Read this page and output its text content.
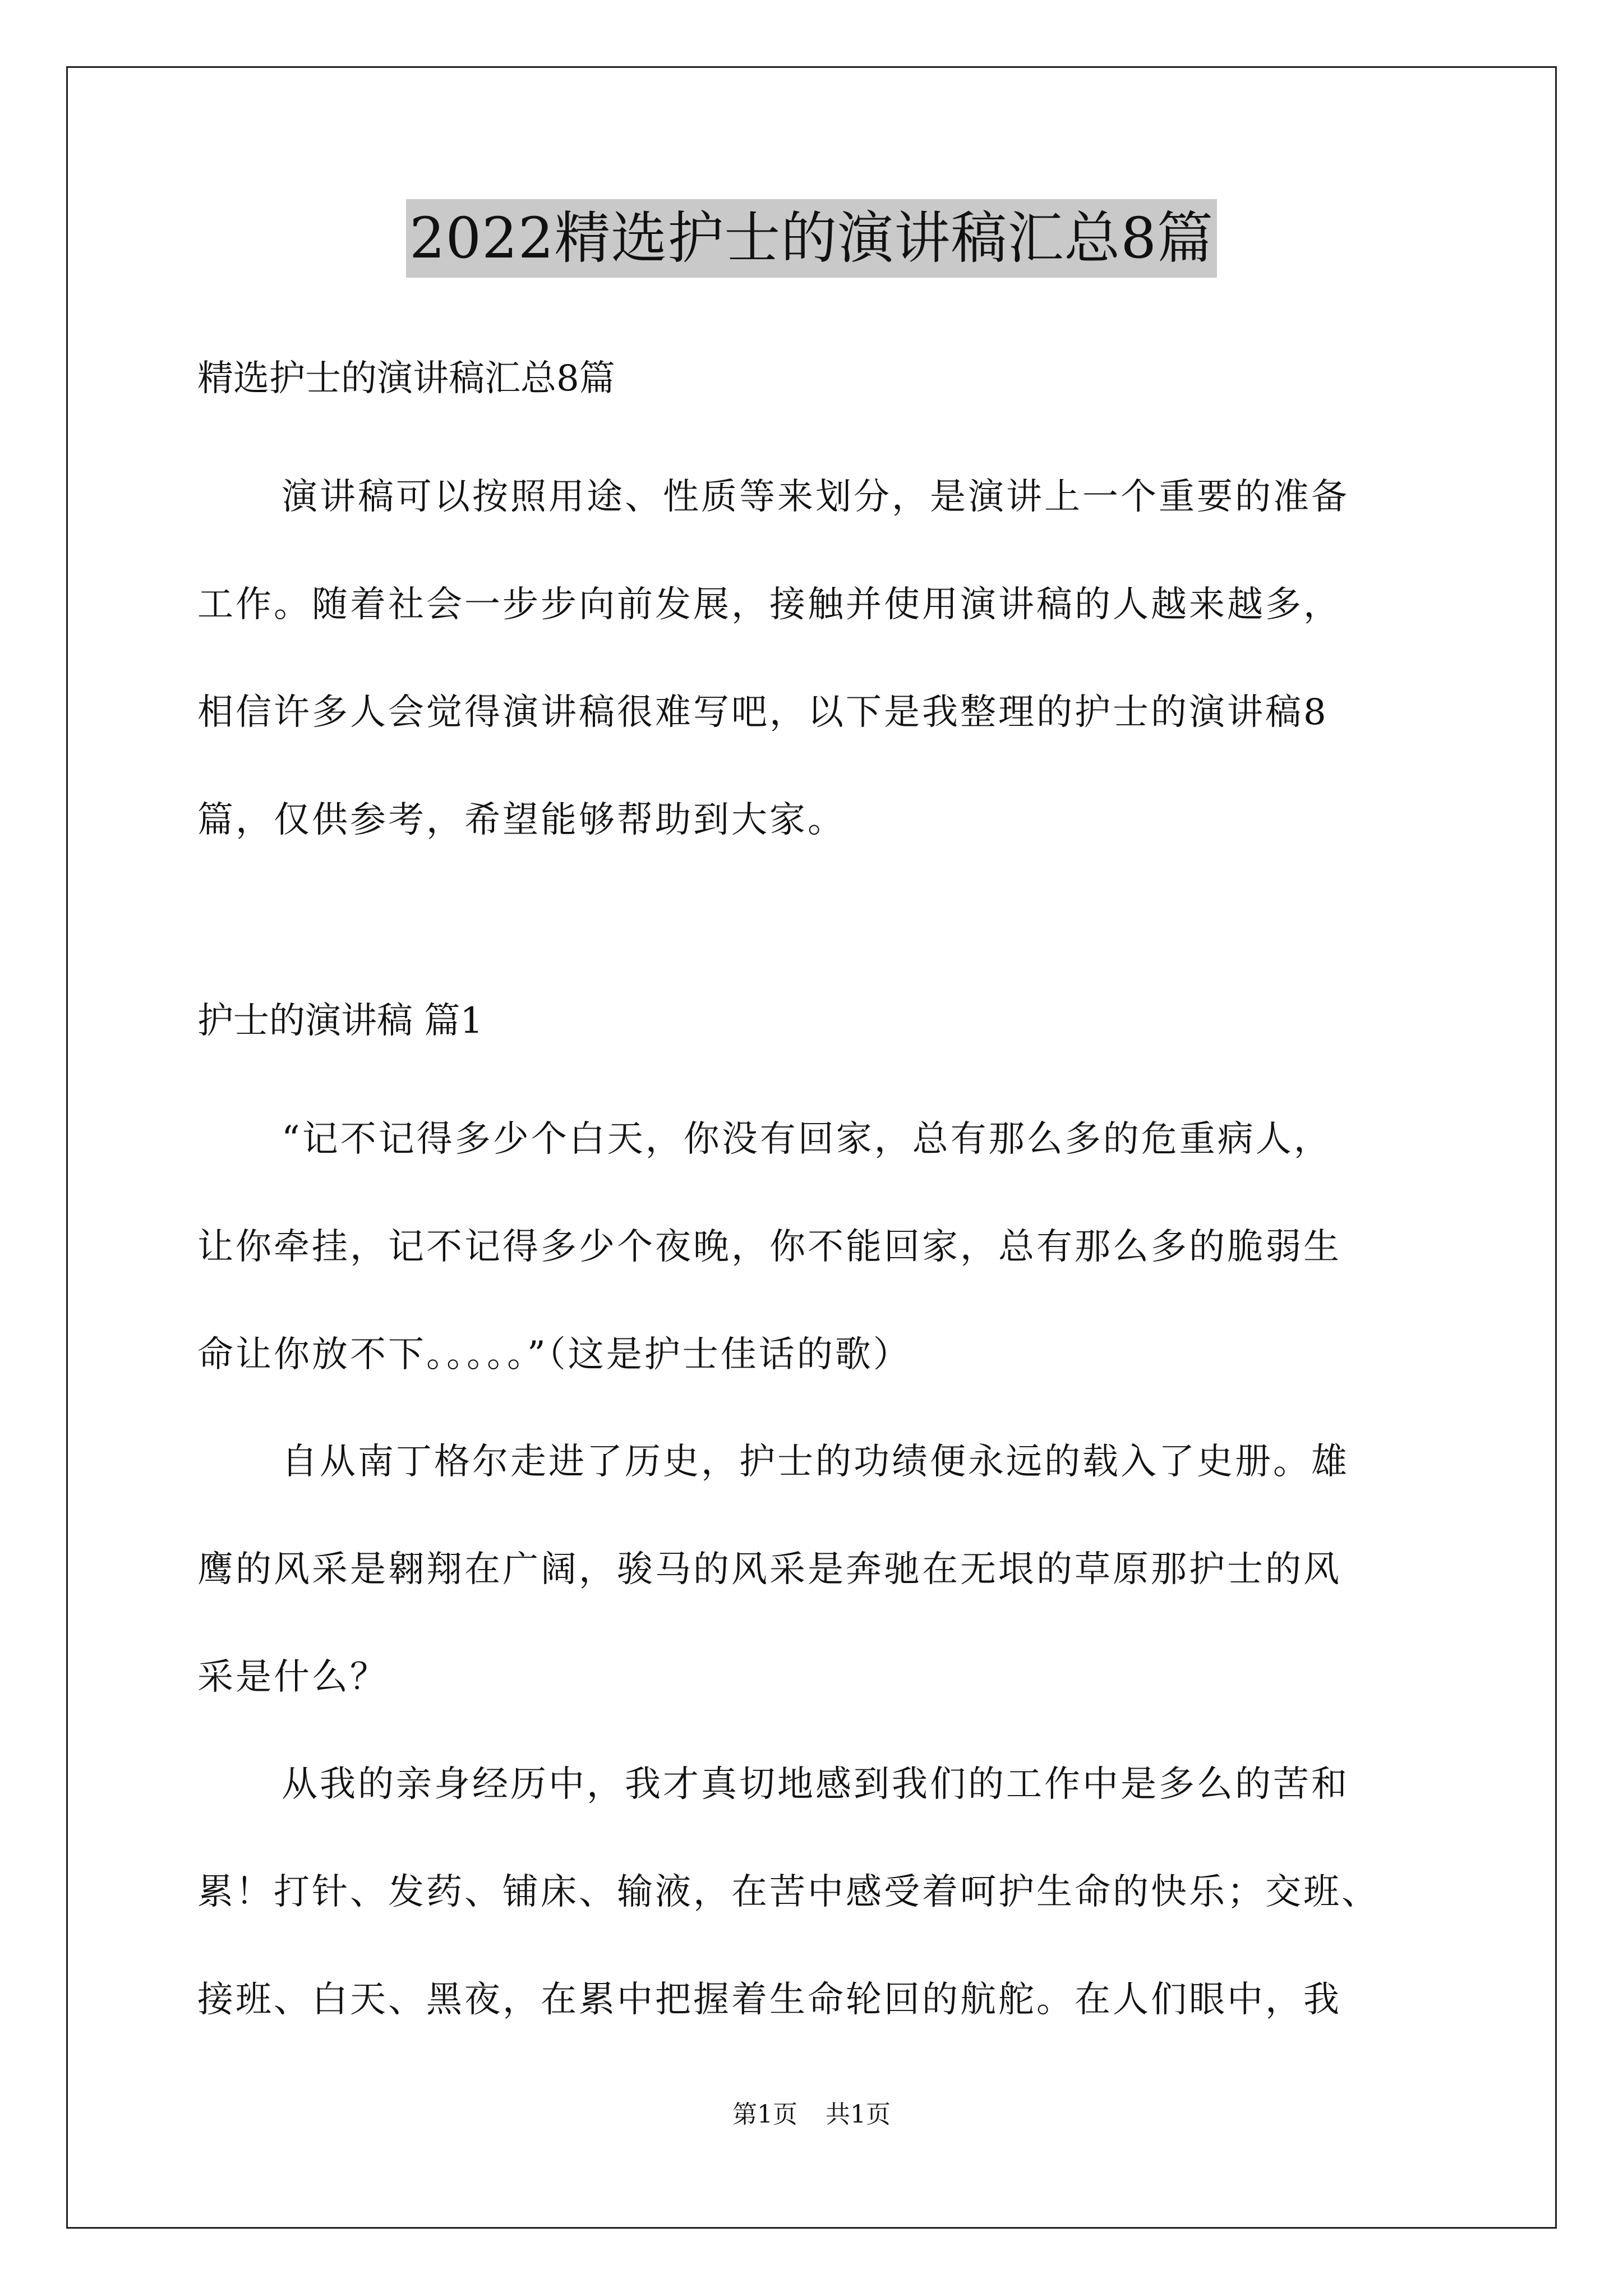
2022精选护士的演讲稿汇总8篇

精选护士的演讲稿汇总8篇

演讲稿可以按照用途、性质等来划分，是演讲上一个重要的准备
工作。随着社会一步步向前发展，接触并使用演讲稿的人越来越多，
相信许多人会觉得演讲稿很难写吧，以下是我整理的护士的演讲稿8
篇，仅供参考，希望能够帮助到大家。

护士的演讲稿 篇1

“记不记得多少个白天，你没有回家，总有那么多的危重病人，
让你牵挂，记不记得多少个夜晚，你不能回家，总有那么多的脆弱生
命让你放不下。。。。。”（这是护士佳话的歌）
自从南丁格尔走进了历史，护士的功绩便永远的载入了史册。雄
鹰的风采是翱翔在广阔，骏马的风采是奔驰在无垠的草原那护士的风
采是什么？
从我的亲身经历中，我才真切地感到我们的工作中是多么的苦和
累！打针、发药、铺床、输液，在苦中感受着呵护生命的快乐；交班、
接班、白天、黑夜，在累中把握着生命轮回的航舵。在人们眼中，我
第1页 共1页
